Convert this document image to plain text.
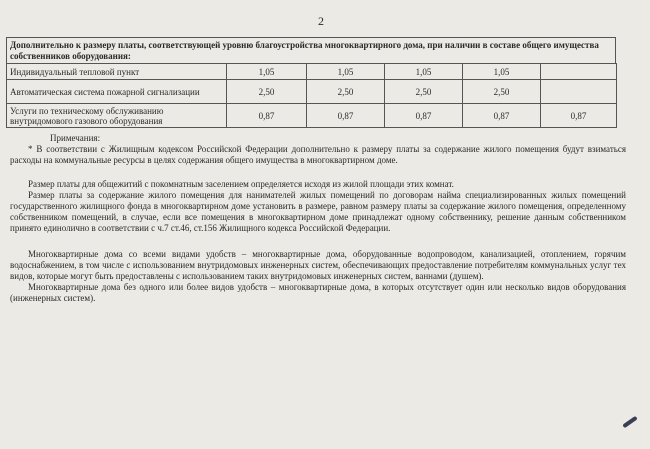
2
Дополнительно к размеру платы, соответствующей уровню благоустройства многоквартирного дома, при наличии в составе общего имущества собственников оборудования:
Индивидуальный тепловой пункт	1,05	1,05	1,05	1,05	
Автоматическая система пожарной сигнализации	2,50	2,50	2,50	2,50	
Услуги по техническому обслуживанию внутридомового газового оборудования	0,87	0,87	0,87	0,87	0,87

Примечания:

* В соответствии с Жилищным кодексом Российской Федерации дополнительно к размеру платы за содержание жилого помещения будут взиматься расходы на коммунальные ресурсы в целях содержания общего имущества в многоквартирном доме.

Размер платы для общежитий с покомнатным заселением определяется исходя из жилой площади этих комнат.

Размер платы за содержание жилого помещения для нанимателей жилых помещений по договорам найма специализированных жилых помещений государственного жилищного фонда в многоквартирном доме установить в размере, равном размеру платы за содержание жилого помещения, определенному собственником помещений, в случае, если все помещения в многоквартирном доме принадлежат одному собственнику, решение данным собственником принято единолично в соответствии с ч.7 ст.46, ст.156 Жилищного кодекса Российской Федерации.

Многоквартирные дома со всеми видами удобств – многоквартирные дома, оборудованные водопроводом, канализацией, отоплением, горячим водоснабжением, в том числе с использованием внутридомовых инженерных систем, обеспечивающих предоставление потребителям коммунальных услуг тех видов, которые могут быть предоставлены с использованием таких внутридомовых инженерных систем, ваннами (душем).

Многоквартирные дома без одного или более видов удобств – многоквартирные дома, в которых отсутствует один или несколько видов оборудования (инженерных систем).
